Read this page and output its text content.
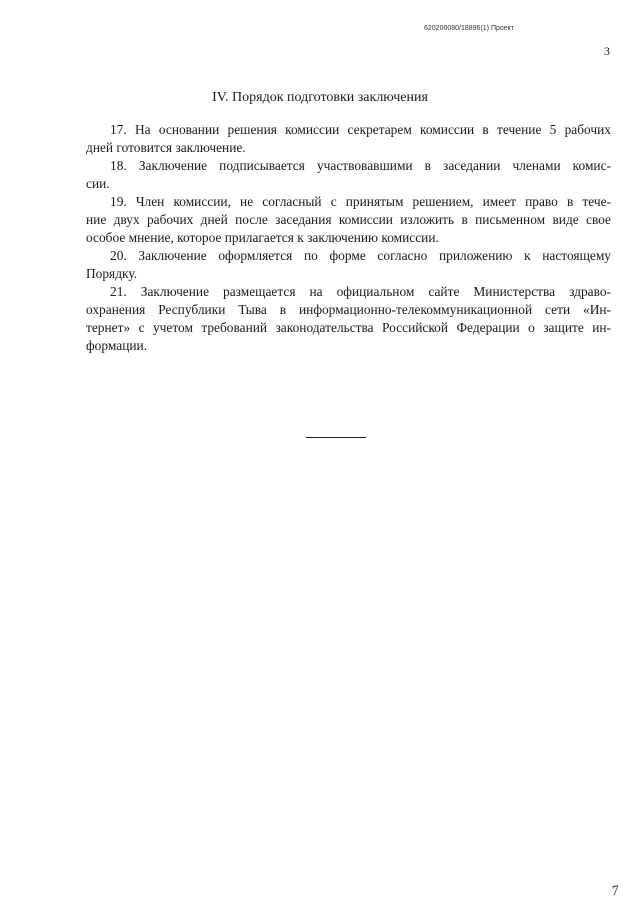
620200080/18896(1) Проект
3
IV. Порядок подготовки заключения
17. На основании решения комиссии секретарем комиссии в течение 5 рабочих
дней готовится заключение.
18. Заключение подписывается участвовавшими в заседании членами комис-
сии.
19. Член комиссии, не согласный с принятым решением, имеет право в тече-
ние двух рабочих дней после заседания комиссии изложить в письменном виде свое
особое мнение, которое прилагается к заключению комиссии.
20. Заключение оформляется по форме согласно приложению к настоящему
Порядку.
21. Заключение размещается на официальном сайте Министерства здраво-
охранения Республики Тыва в информационно-телекоммуникационной сети «Ин-
тернет» с учетом требований законодательства Российской Федерации о защите ин-
формации.
7
